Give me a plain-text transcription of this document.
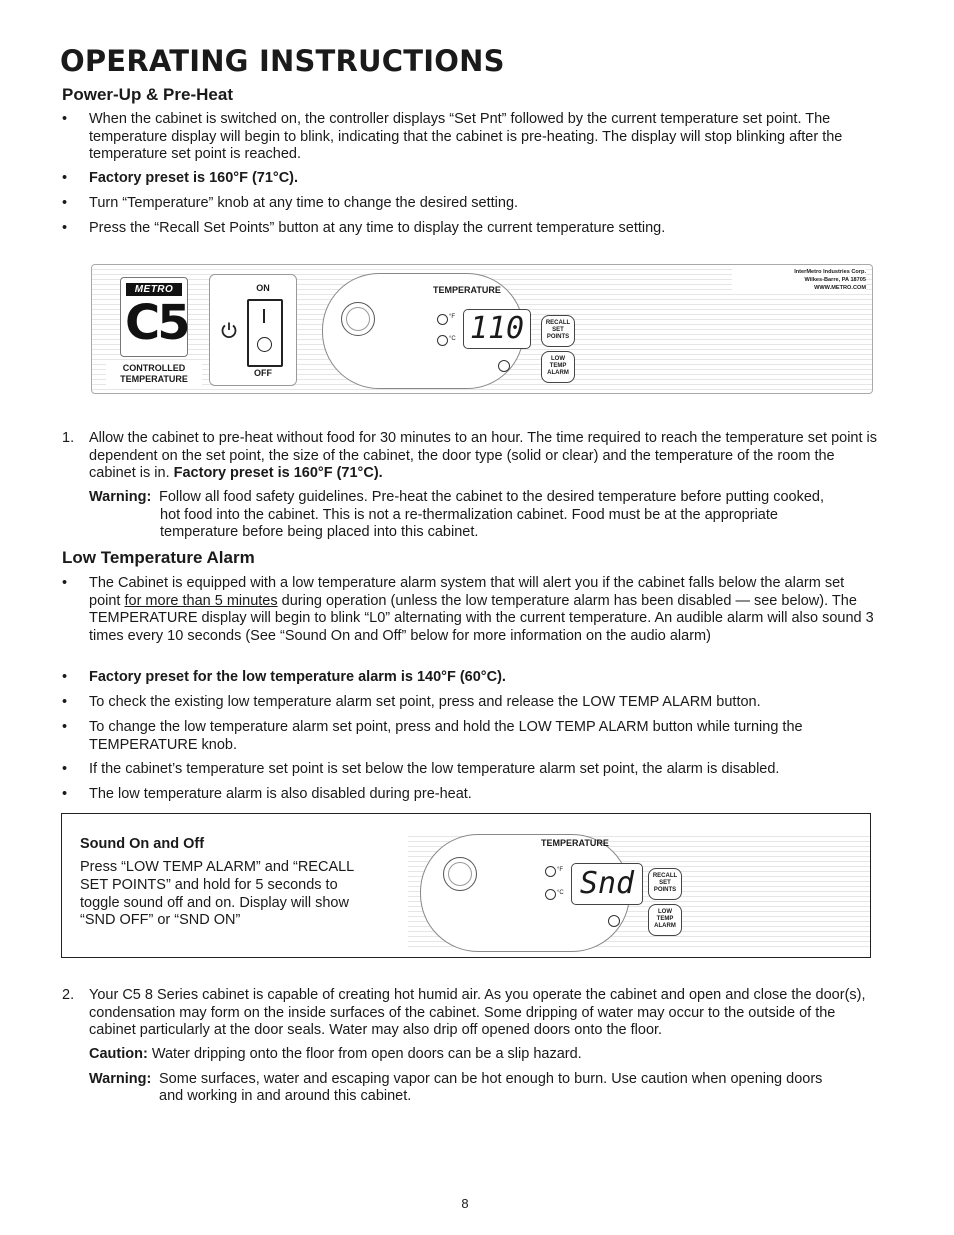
OPERATING INSTRUCTIONS
Power-Up & Pre-Heat
• When the cabinet is switched on, the controller displays “Set Pnt” followed by the current temperature set point. The temperature display will begin to blink, indicating that the cabinet is pre-heating. The display will stop blinking after the temperature set point is reached.
• Factory preset is 160°F (71°C).
• Turn “Temperature” knob at any time to change the desired setting.
• Press the “Recall Set Points” button at any time to display the current temperature setting.
METRO
C5
CONTROLLED
TEMPERATURE
ON
OFF
TEMPERATURE
°F
°C 110	RECALL
SET
POINTS
LOW
TEMP
ALARM
InterMetro Industries Corp.
Wilkes-Barre, PA 18705
WWW.METRO.COM
1. Allow the cabinet to pre-heat without food for 30 minutes to an hour. The time required to reach the temperature set point is dependent on the set point, the size of the cabinet, the door type (solid or clear) and the temperature of the room the cabinet is in. Factory preset is 160°F (71°C).
Warning: Follow all food safety guidelines. Pre-heat the cabinet to the desired temperature before putting cooked,
hot food into the cabinet. This is not a re-thermalization cabinet. Food must be at the appropriate
temperature before being placed into this cabinet.
Low Temperature Alarm
• The Cabinet is equipped with a low temperature alarm system that will alert you if the cabinet falls below the alarm set point for more than 5 minutes during operation (unless the low temperature alarm has been disabled — see below). The TEMPERATURE display will begin to blink “L0” alternating with the current temperature. An audible alarm will also sound 3 times every 10 seconds (See “Sound On and Off” below for more information on the audio alarm)
• Factory preset for the low temperature alarm is 140°F (60°C).
• To check the existing low temperature alarm set point, press and release the LOW TEMP ALARM button.
• To change the low temperature alarm set point, press and hold the LOW TEMP ALARM button while turning the TEMPERATURE knob.
• If the cabinet’s temperature set point is set below the low temperature alarm set point, the alarm is disabled.
• The low temperature alarm is also disabled during pre-heat.
Sound On and Off
Press “LOW TEMP ALARM” and “RECALL SET POINTS” and hold for 5 seconds to toggle sound off and on. Display will show “SND OFF” or “SND ON”
TEMPERATURE
°F
°C Snd	RECALL
SET
POINTS
LOW
TEMP
ALARM
2. Your C5 8 Series cabinet is capable of creating hot humid air. As you operate the cabinet and open and close the door(s), condensation may form on the inside surfaces of the cabinet. Some dripping of water may occur to the outside of the cabinet particularly at the door seals. Water may also drip off opened doors onto the floor.
Caution: Water dripping onto the floor from open doors can be a slip hazard.
Warning: Some surfaces, water and escaping vapor can be hot enough to burn. Use caution when opening doors
and working in and around this cabinet.
8
